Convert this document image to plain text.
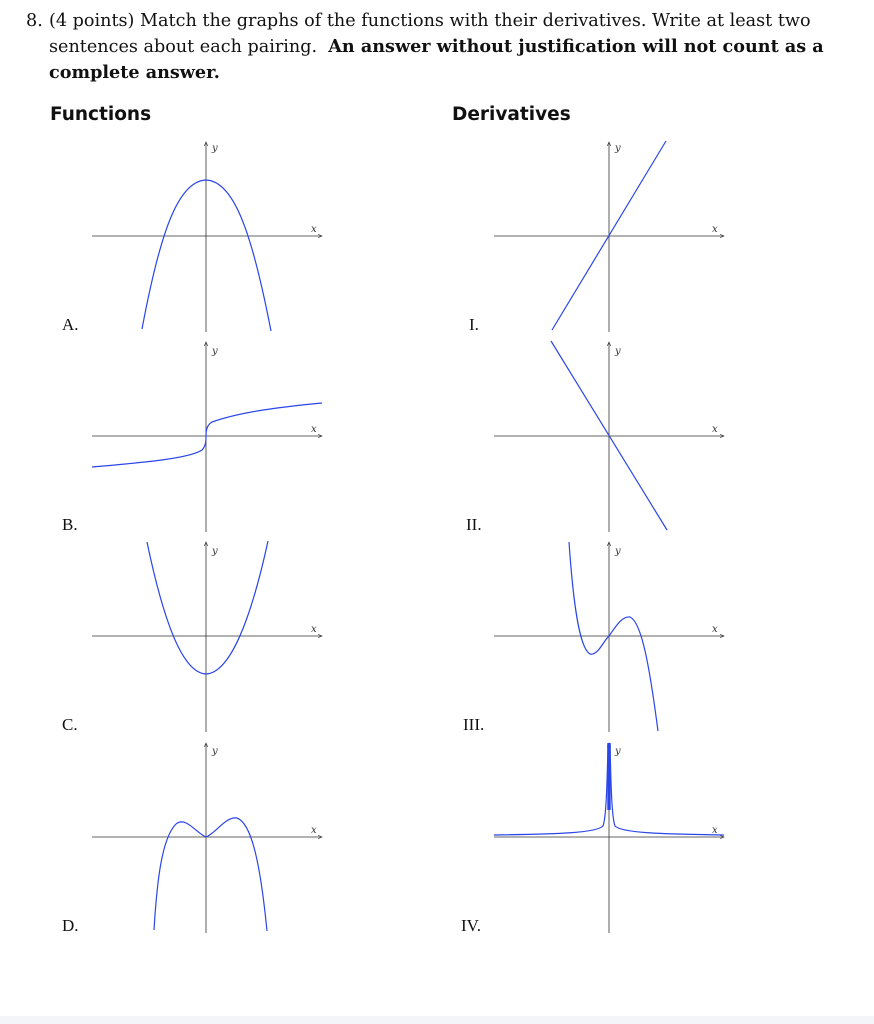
8. (4 points) Match the graphs of the functions with their derivatives. Write at least two
sentences about each pairing. An answer without justification will not count as a
complete answer.
Functions	Derivatives
A.
B.
C.
D.
I.
II.
III.
IV.
x
y
x
y
x
y
x
y
x
y
x
y
x
y
x
y
